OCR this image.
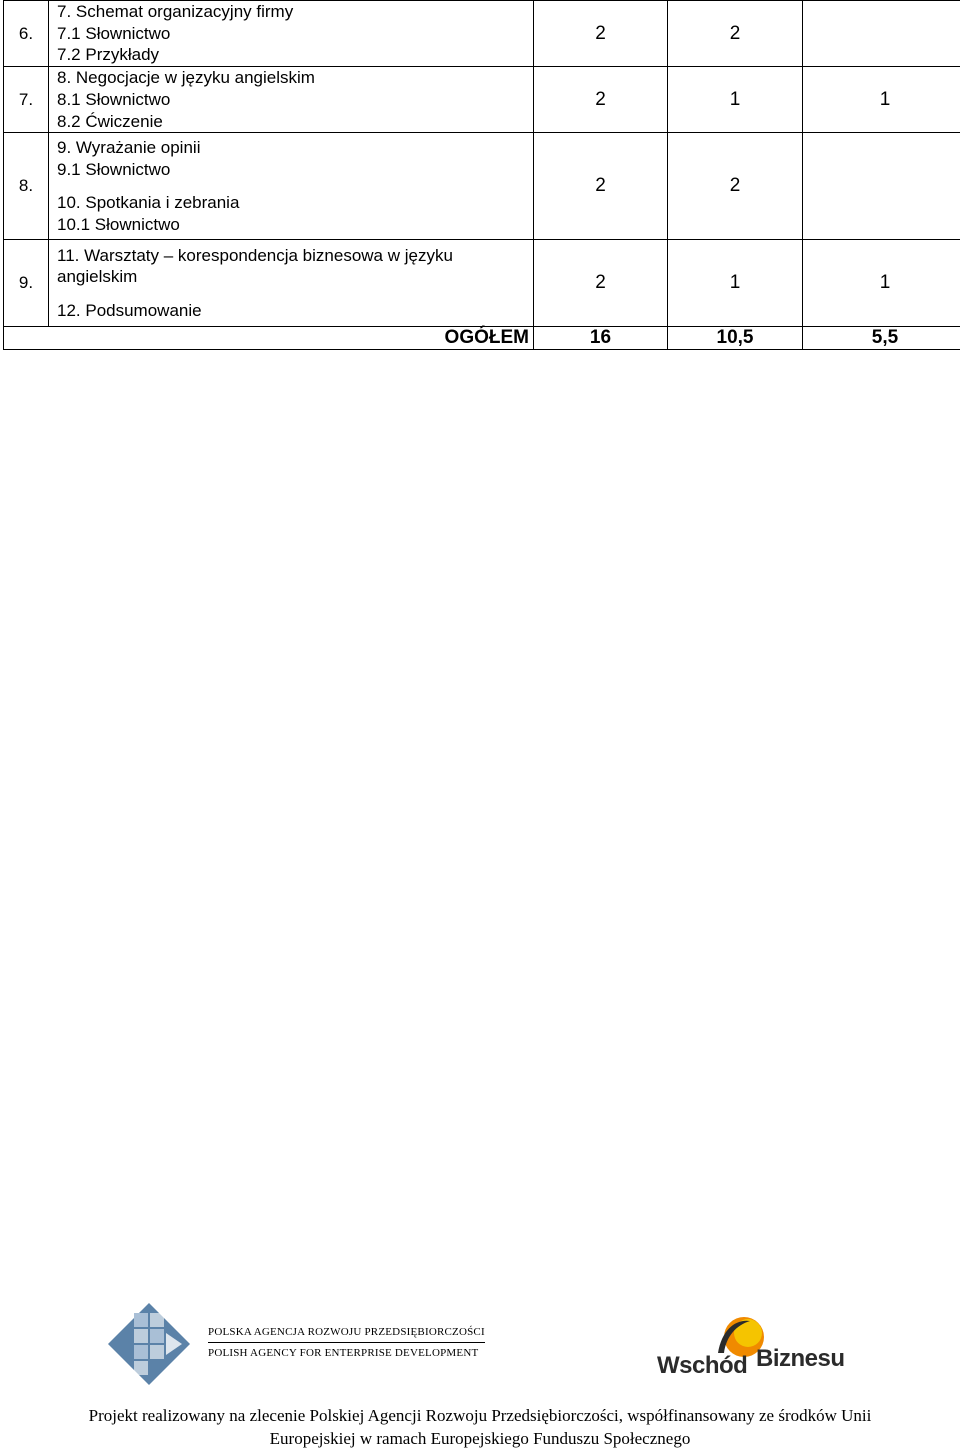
6.	7. Schemat organizacyjny firmy
7.1 Słownictwo
7.2 Przykłady	2	2	
7.	8. Negocjacje w języku angielskim
8.1 Słownictwo
8.2 Ćwiczenie	2	1	1
8.	9. Wyrażanie opinii
9.1 Słownictwo
10. Spotkania i zebrania
10.1 Słownictwo	2	2	
9.	11. Warsztaty – korespondencja biznesowa w języku angielskim
12. Podsumowanie	2	1	1
	OGÓŁEM	16	10,5	5,5
POLSKA AGENCJA ROZWOJU PRZEDSIĘBIORCZOŚCI
POLISH AGENCY FOR ENTERPRISE DEVELOPMENT	Wschód Biznesu
Projekt realizowany na zlecenie Polskiej Agencji Rozwoju Przedsiębiorczości, współfinansowany ze środków Unii
Europejskiej w ramach Europejskiego Funduszu Społecznego
